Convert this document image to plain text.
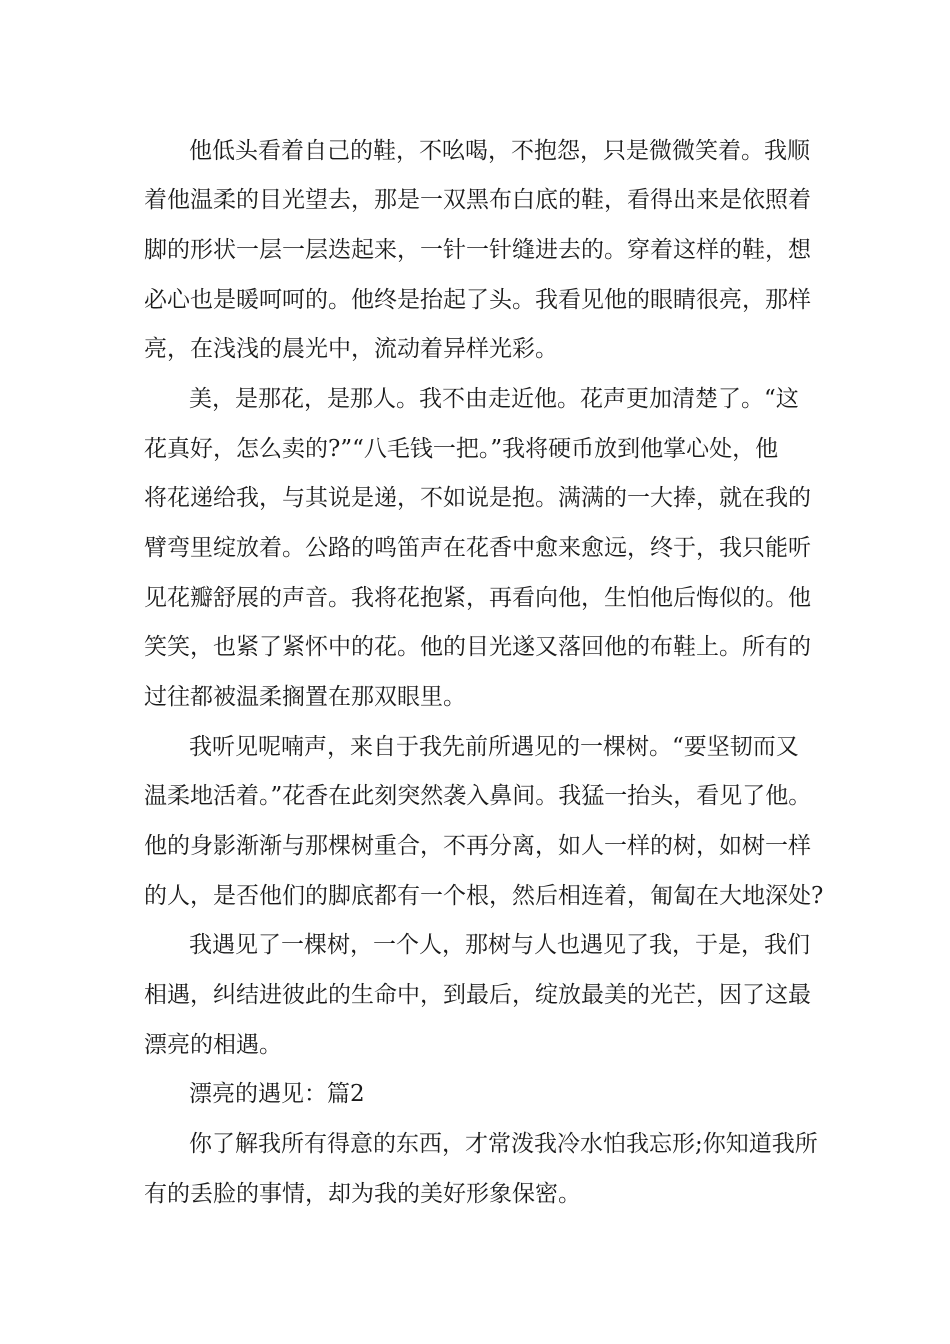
他低头看着自己的鞋，不吆喝，不抱怨，只是微微笑着。我顺

着他温柔的目光望去，那是一双黑布白底的鞋，看得出来是依照着

脚的形状一层一层迭起来，一针一针缝进去的。穿着这样的鞋，想

必心也是暖呵呵的。他终是抬起了头。我看见他的眼睛很亮，那样

亮，在浅浅的晨光中，流动着异样光彩。

美，是那花，是那人。我不由走近他。花声更加清楚了。“这

花真好，怎么卖的?”“八毛钱一把。”我将硬币放到他掌心处，他

将花递给我，与其说是递，不如说是抱。满满的一大捧，就在我的

臂弯里绽放着。公路的鸣笛声在花香中愈来愈远，终于，我只能听

见花瓣舒展的声音。我将花抱紧，再看向他，生怕他后悔似的。他

笑笑，也紧了紧怀中的花。他的目光遂又落回他的布鞋上。所有的

过往都被温柔搁置在那双眼里。

我听见呢喃声，来自于我先前所遇见的一棵树。“要坚韧而又

温柔地活着。”花香在此刻突然袭入鼻间。我猛一抬头，看见了他。

他的身影渐渐与那棵树重合，不再分离，如人一样的树，如树一样

的人，是否他们的脚底都有一个根，然后相连着，匍匐在大地深处?

我遇见了一棵树，一个人，那树与人也遇见了我，于是，我们

相遇，纠结进彼此的生命中，到最后，绽放最美的光芒，因了这最

漂亮的相遇。

漂亮的遇见：篇2

你了解我所有得意的东西，才常泼我冷水怕我忘形;你知道我所

有的丢脸的事情，却为我的美好形象保密。
